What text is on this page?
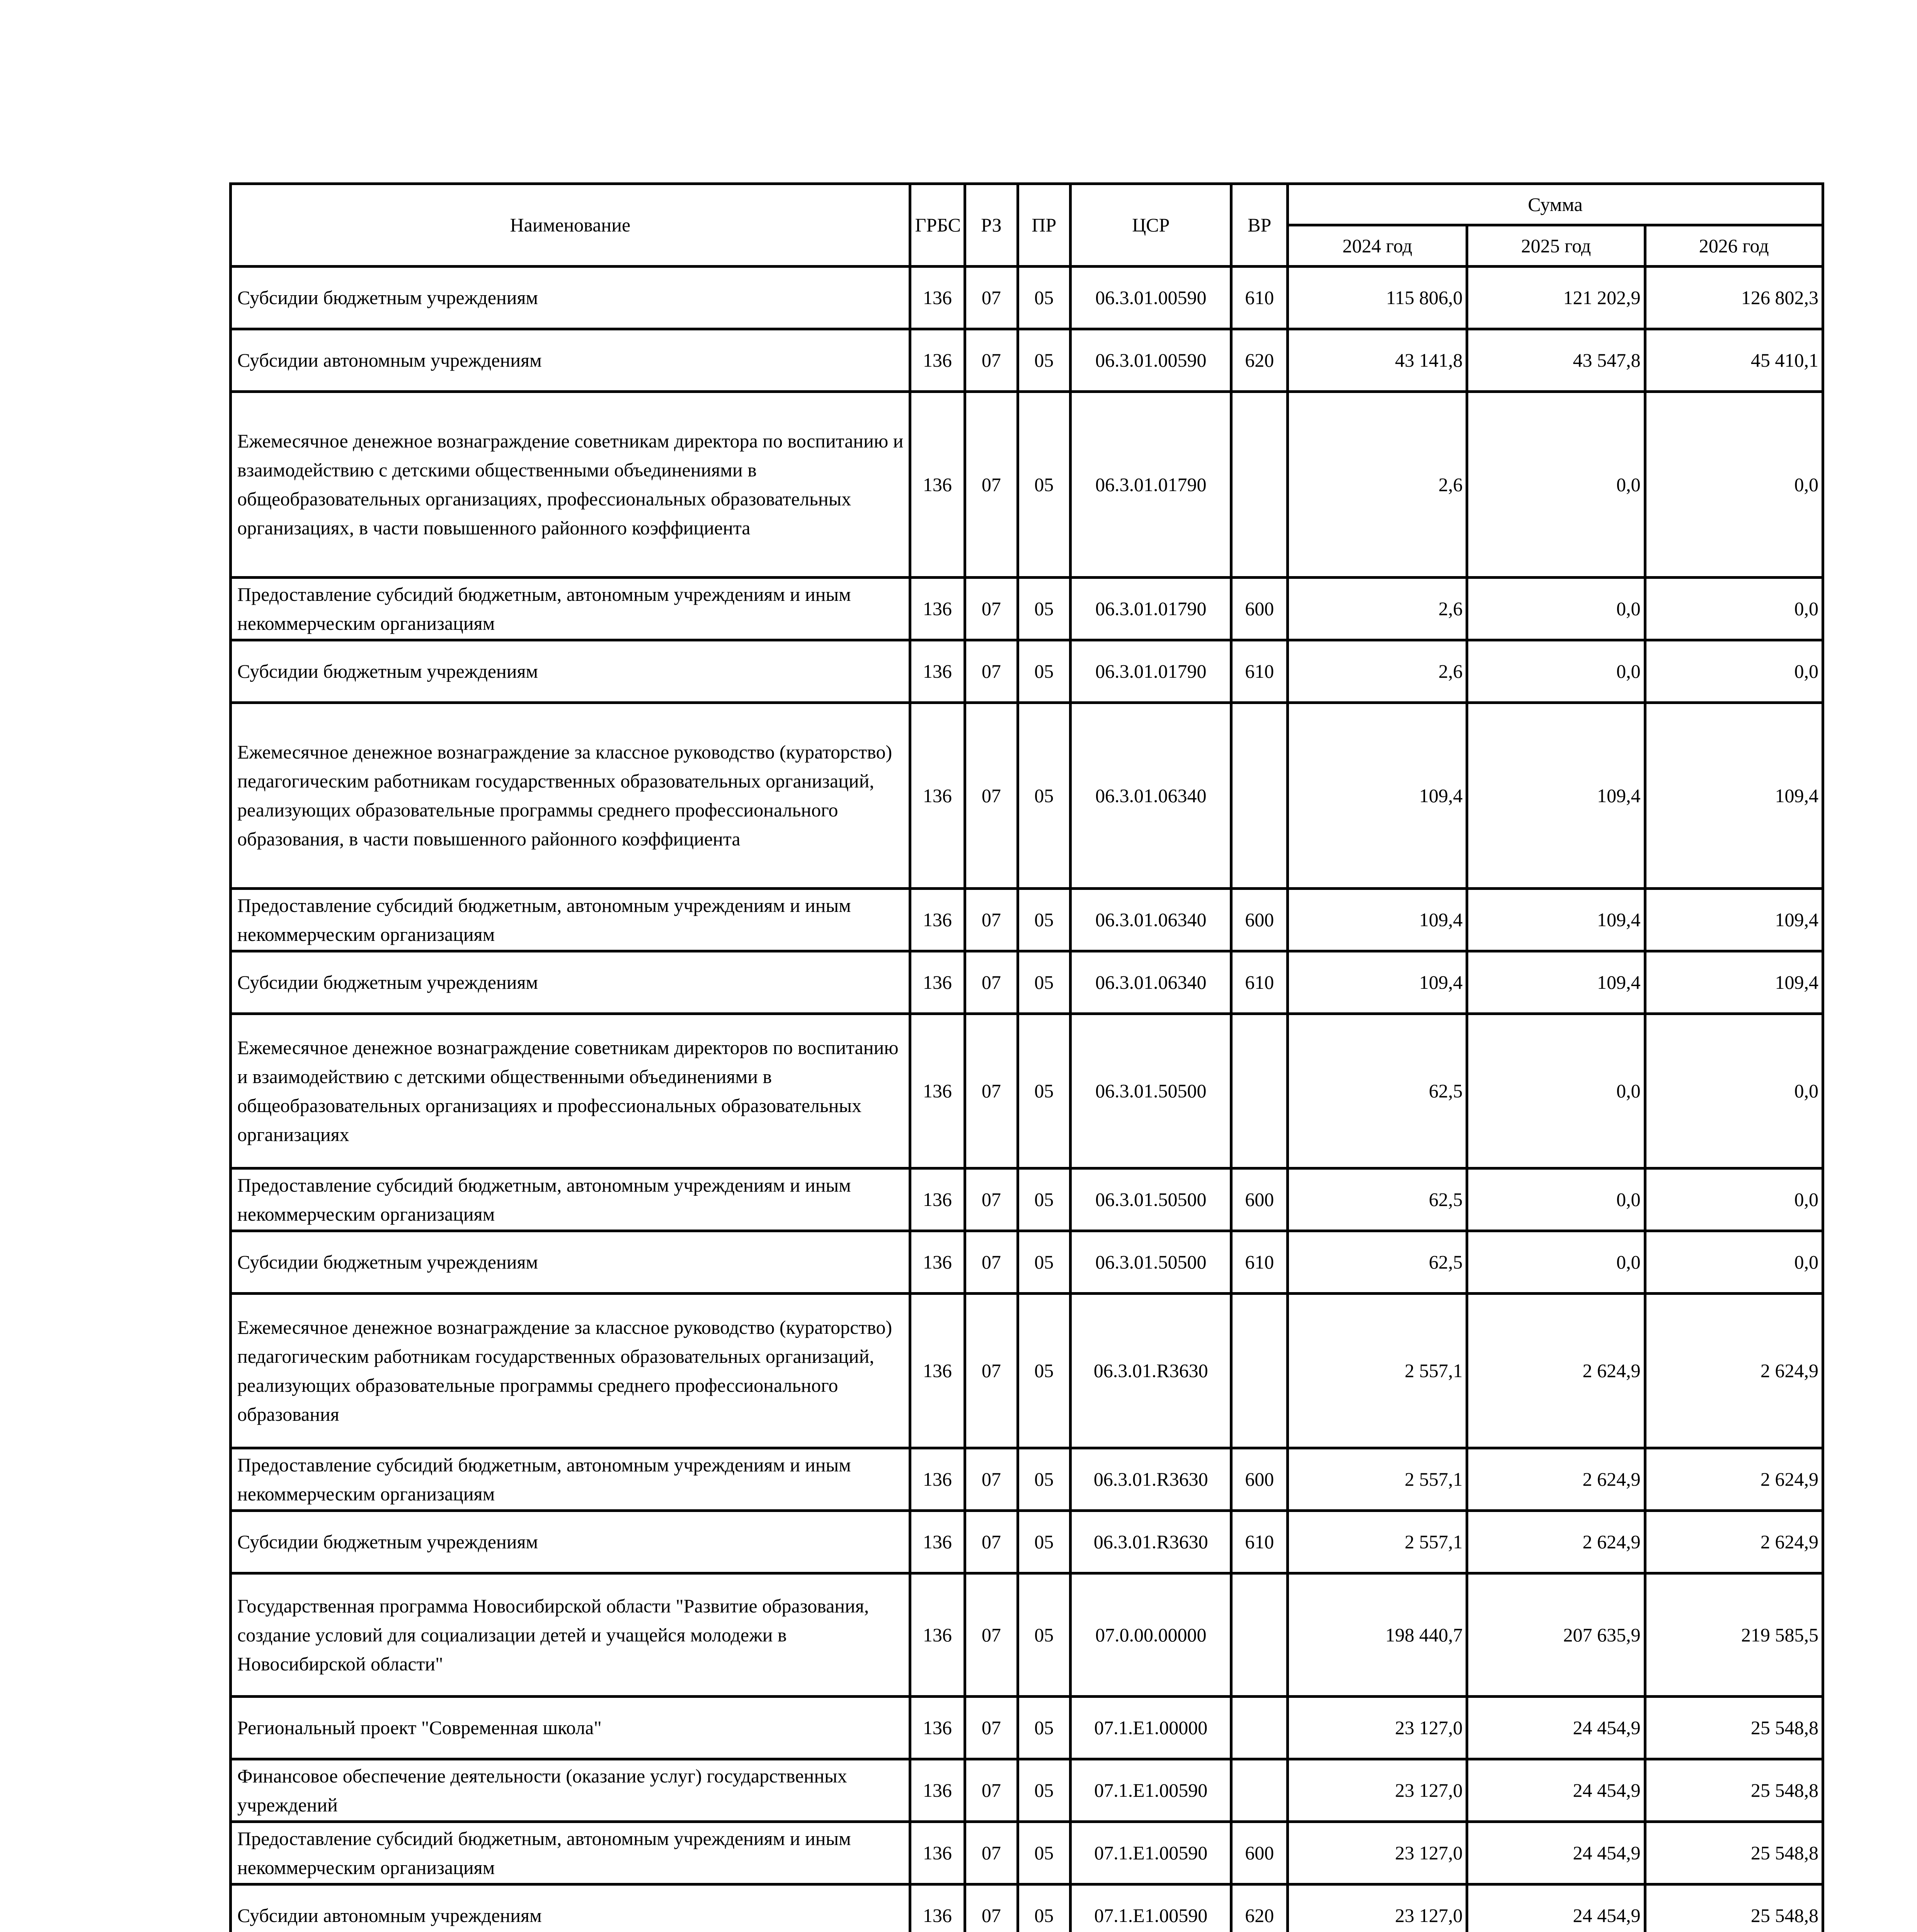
Наименование	ГРБС	РЗ	ПР	ЦСР	ВР	Сумма		
						2024 год	2025 год	2026 год
Субсидии бюджетным учреждениям	136	07	05	06.3.01.00590	610	115 806,0	121 202,9	126 802,3
Субсидии автономным учреждениям	136	07	05	06.3.01.00590	620	43 141,8	43 547,8	45 410,1
Ежемесячное денежное вознаграждение советникам директора по воспитанию и взаимодействию с детскими общественными объединениями в общеобразовательных организациях, профессиональных образовательных организациях, в части повышенного районного коэффициента	136	07	05	06.3.01.01790		2,6	0,0	0,0
Предоставление субсидий бюджетным, автономным учреждениям и иным некоммерческим организациям	136	07	05	06.3.01.01790	600	2,6	0,0	0,0
Субсидии бюджетным учреждениям	136	07	05	06.3.01.01790	610	2,6	0,0	0,0
Ежемесячное денежное вознаграждение за классное руководство (кураторство) педагогическим работникам государственных образовательных организаций, реализующих образовательные программы среднего профессионального образования, в части повышенного районного коэффициента	136	07	05	06.3.01.06340		109,4	109,4	109,4
Предоставление субсидий бюджетным, автономным учреждениям и иным некоммерческим организациям	136	07	05	06.3.01.06340	600	109,4	109,4	109,4
Субсидии бюджетным учреждениям	136	07	05	06.3.01.06340	610	109,4	109,4	109,4
Ежемесячное денежное вознаграждение советникам директоров по воспитанию и взаимодействию с детскими общественными объединениями в общеобразовательных организациях и профессиональных образовательных организациях	136	07	05	06.3.01.50500		62,5	0,0	0,0
Предоставление субсидий бюджетным, автономным учреждениям и иным некоммерческим организациям	136	07	05	06.3.01.50500	600	62,5	0,0	0,0
Субсидии бюджетным учреждениям	136	07	05	06.3.01.50500	610	62,5	0,0	0,0
Ежемесячное денежное вознаграждение за классное руководство (кураторство) педагогическим работникам государственных образовательных организаций, реализующих образовательные программы среднего профессионального образования	136	07	05	06.3.01.R3630		2 557,1	2 624,9	2 624,9
Предоставление субсидий бюджетным, автономным учреждениям и иным некоммерческим организациям	136	07	05	06.3.01.R3630	600	2 557,1	2 624,9	2 624,9
Субсидии бюджетным учреждениям	136	07	05	06.3.01.R3630	610	2 557,1	2 624,9	2 624,9
Государственная программа Новосибирской области "Развитие образования, создание условий для социализации детей и учащейся молодежи в Новосибирской области"	136	07	05	07.0.00.00000		198 440,7	207 635,9	219 585,5
Региональный проект "Современная школа"	136	07	05	07.1.E1.00000		23 127,0	24 454,9	25 548,8
Финансовое обеспечение деятельности (оказание услуг) государственных учреждений	136	07	05	07.1.E1.00590		23 127,0	24 454,9	25 548,8
Предоставление субсидий бюджетным, автономным учреждениям и иным некоммерческим организациям	136	07	05	07.1.E1.00590	600	23 127,0	24 454,9	25 548,8
Субсидии автономным учреждениям	136	07	05	07.1.E1.00590	620	23 127,0	24 454,9	25 548,8
